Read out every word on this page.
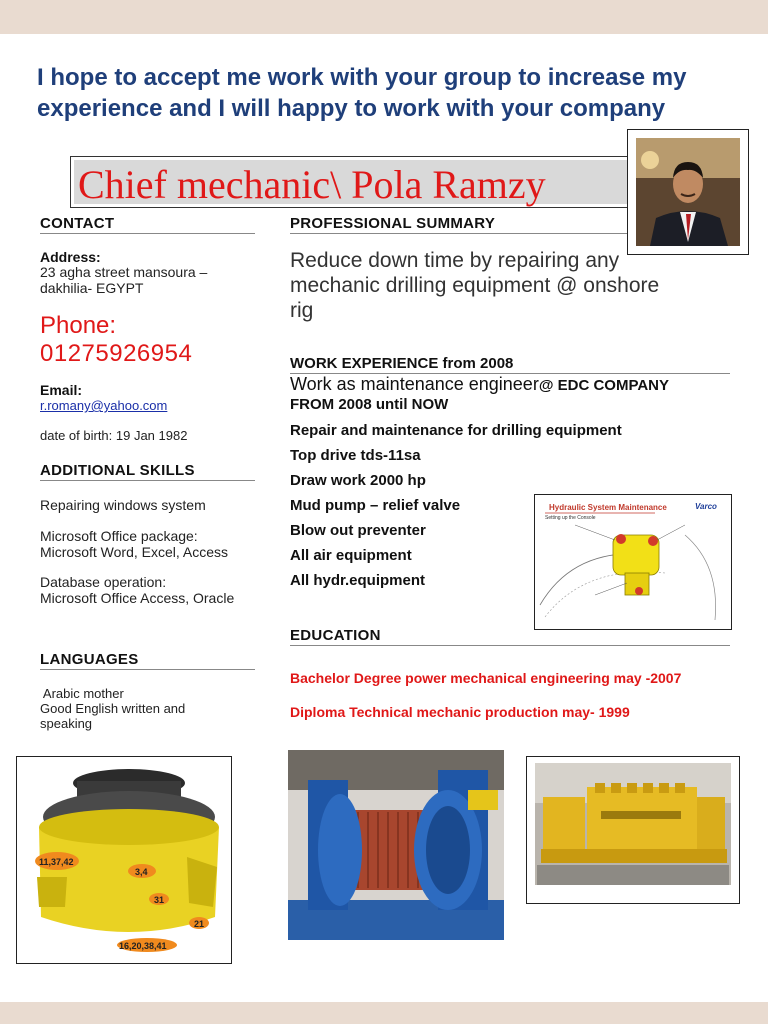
I hope to accept me work with your group to increase my experience and I will happy to work with your company
Chief mechanic\ Pola Ramzy
CONTACT
Address:
23 agha street mansoura –
dakhilia- EGYPT
Phone:
01275926954
Email:
r.romany@yahoo.com
date of birth: 19 Jan 1982
ADDITIONAL SKILLS
Repairing windows system
Microsoft Office package:
Microsoft Word, Excel, Access
Database operation:
Microsoft Office Access, Oracle
LANGUAGES
Arabic mother
Good English written and
speaking
PROFESSIONAL SUMMARY
Reduce down time by repairing any
mechanic drilling equipment @ onshore
rig
WORK EXPERIENCE from 2008
Work as maintenance engineer@ EDC COMPANY
FROM 2008 until NOW
Repair and maintenance for drilling equipment
Top drive tds-11sa
Draw work 2000 hp
Mud pump – relief valve
Blow out preventer
All air equipment
All hydr.equipment
Hydraulic System Maintenance	Varco
Setting up the Console
EDUCATION
Bachelor Degree power mechanical engineering may -2007
Diploma Technical mechanic production may- 1999
11,37,42
3,4
31
21
16,20,38,41
